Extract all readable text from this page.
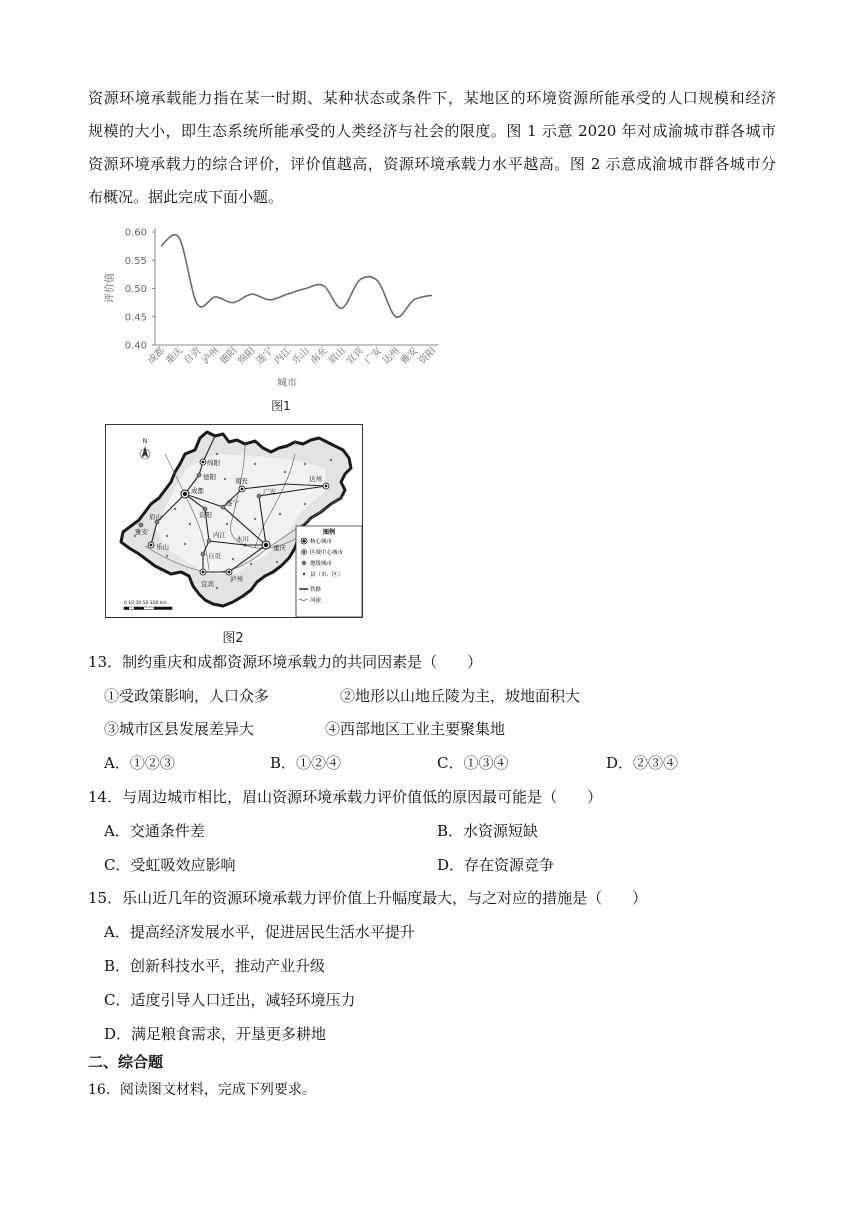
资源环境承载能力指在某一时期、某种状态或条件下，某地区的环境资源所能承受的人口规模和经济
规模的大小，即生态系统所能承受的人类经济与社会的限度。图 1 示意 2020 年对成渝城市群各城市
资源环境承载力的综合评价，评价值越高，资源环境承载力水平越高。图 2 示意成渝城市群各城市分
布概况。据此完成下面小题。
评价值
城市
0.40
0.45
0.50
0.55
0.60
成都
重庆
自贡
泸州
德阳
绵阳
遂宁
内江
乐山
南充
眉山
宜宾
广安
达州
雅安
资阳
图1
N
绵阳
德阳
成都
南充
广安
达州
遂宁
资阳
眉山
雅安
乐山
内江 永川
重庆
自贡
宜宾
泸州
图例
核心城市
区域中心城市
地级城市
县（市、区）
铁路
河流
0 10 30 50 100 km
图2
13．制约重庆和成都资源环境承载力的共同因素是（　　）
①受政策影响，人口众多	②地形以山地丘陵为主，坡地面积大
③城市区县发展差异大	④西部地区工业主要聚集地
A．①②③	B．①②④	C．①③④	D．②③④
14．与周边城市相比，眉山资源环境承载力评价值低的原因最可能是（　　）
A．交通条件差	B．水资源短缺
C．受虹吸效应影响	D．存在资源竞争
15．乐山近几年的资源环境承载力评价值上升幅度最大，与之对应的措施是（　　）
A．提高经济发展水平，促进居民生活水平提升
B．创新科技水平，推动产业升级
C．适度引导人口迁出，减轻环境压力
D．满足粮食需求，开垦更多耕地
二、综合题
16．阅读图文材料，完成下列要求。
